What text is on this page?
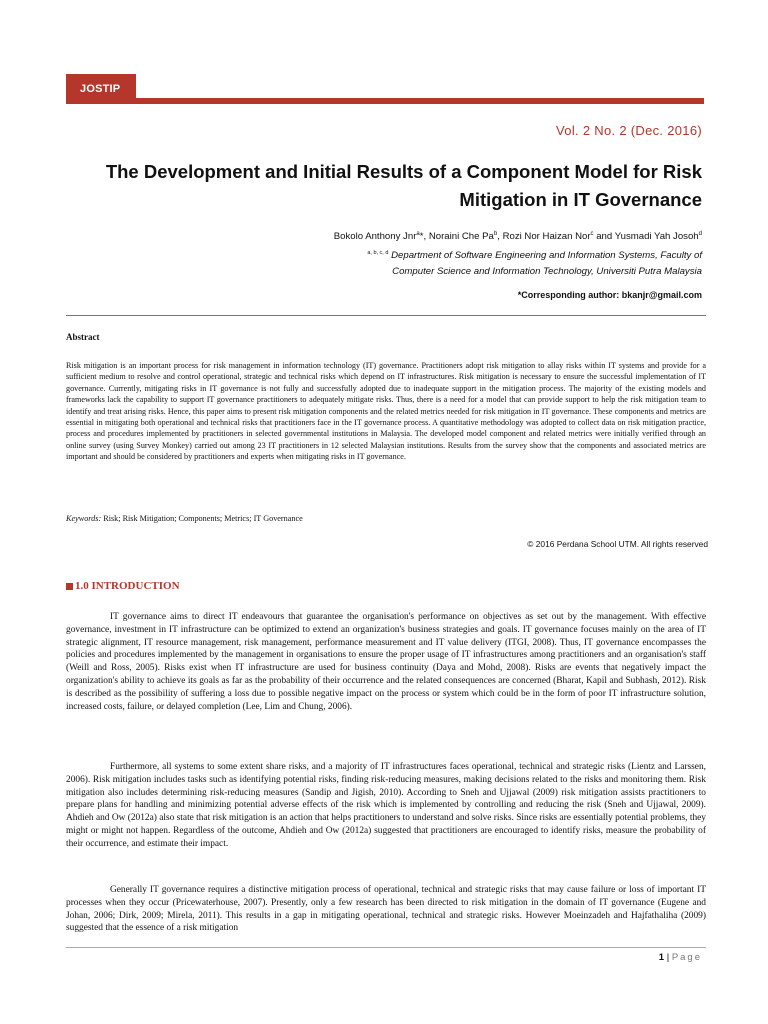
JOSTIP
Vol. 2 No. 2 (Dec. 2016)
The Development and Initial Results of a Component Model for Risk Mitigation in IT Governance
Bokolo Anthony Jnr$^a$*, Noraini Che Pa$^b$, Rozi Nor Haizan Nor$^c$ and Yusmadi Yah Josoh$^d$
$^{a, b, c, d}$ Department of Software Engineering and Information Systems, Faculty of
Computer Science and Information Technology, Universiti Putra Malaysia
*Corresponding author: bkanjr@gmail.com
Abstract
Risk mitigation is an important process for risk management in information technology (IT) governance. Practitioners adopt risk mitigation to allay risks within IT systems and provide for a sufficient medium to resolve and control operational, strategic and technical risks which depend on IT infrastructures. Risk mitigation is necessary to ensure the successful implementation of IT governance. Currently, mitigating risks in IT governance is not fully and successfully adopted due to inadequate support in the mitigation process. The majority of the existing models and frameworks lack the capability to support IT governance practitioners to adequately mitigate risks. Thus, there is a need for a model that can provide support to help the risk mitigation team to identify and treat arising risks. Hence, this paper aims to present risk mitigation components and the related metrics needed for risk mitigation in IT governance. These components and metrics are essential in mitigating both operational and technical risks that practitioners face in the IT governance process. A quantitative methodology was adopted to collect data on risk mitigation practice, process and procedures implemented by practitioners in selected governmental institutions in Malaysia. The developed model component and related metrics were initially verified through an online survey (using Survey Monkey) carried out among 23 IT practitioners in 12 selected Malaysian institutions. Results from the survey show that the components and associated metrics are important and should be considered by practitioners and experts when mitigating risks in IT governance.
Keywords: Risk; Risk Mitigation; Components; Metrics; IT Governance
© 2016 Perdana School UTM. All rights reserved
1.0 INTRODUCTION

IT governance aims to direct IT endeavours that guarantee the organisation's performance on objectives as set out by the management. With effective governance, investment in IT infrastructure can be optimized to extend an organization's business strategies and goals. IT governance focuses mainly on the area of IT strategic alignment, IT resource management, risk management, performance measurement and IT value delivery (ITGI, 2008). Thus, IT governance encompasses the policies and procedures implemented by the management in organisations to ensure the proper usage of IT infrastructures among practitioners and an organisation's staff (Weill and Ross, 2005). Risks exist when IT infrastructure are used for business continuity (Daya and Mohd, 2008). Risks are events that negatively impact the organization's ability to achieve its goals as far as the probability of their occurrence and the related consequences are concerned (Bharat, Kapil and Subhash, 2012). Risk is described as the possibility of suffering a loss due to possible negative impact on the process or system which could be in the form of poor IT infrastructure solution, increased costs, failure, or delayed completion (Lee, Lim and Chung, 2006).

Furthermore, all systems to some extent share risks, and a majority of IT infrastructures faces operational, technical and strategic risks (Lientz and Larssen, 2006). Risk mitigation includes tasks such as identifying potential risks, finding risk-reducing measures, making decisions related to the risks and monitoring them. Risk mitigation also includes determining risk-reducing measures (Sandip and Jigish, 2010). According to Sneh and Ujjawal (2009) risk mitigation assists practitioners to prepare plans for handling and minimizing potential adverse effects of the risk which is implemented by controlling and reducing the risk (Sneh and Ujjawal, 2009). Ahdieh and Ow (2012a) also state that risk mitigation is an action that helps practitioners to understand and solve risks. Since risks are essentially potential problems, they might or might not happen. Regardless of the outcome, Ahdieh and Ow (2012a) suggested that practitioners are encouraged to identify risks, measure the probability of their occurrence, and estimate their impact.

Generally IT governance requires a distinctive mitigation process of operational, technical and strategic risks that may cause failure or loss of important IT processes when they occur (Pricewaterhouse, 2007). Presently, only a few research has been directed to risk mitigation in the domain of IT governance (Eugene and Johan, 2006; Dirk, 2009; Mirela, 2011). This results in a gap in mitigating operational, technical and strategic risks. However Moeinzadeh and Hajfathaliha (2009) suggested that the essence of a risk mitigation

1 | Page
